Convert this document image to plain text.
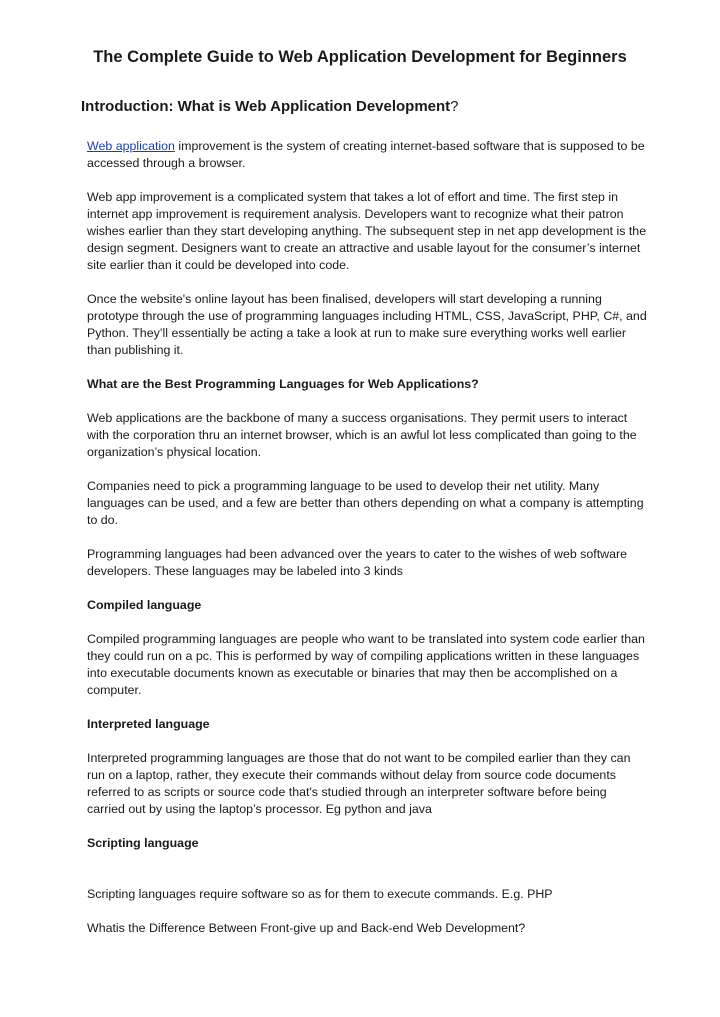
The Complete Guide to Web Application Development for Beginners
Introduction: What is Web Application Development?

Web application improvement is the system of creating internet-based software that is supposed to be accessed through a browser.

Web app improvement is a complicated system that takes a lot of effort and time. The first step in internet app improvement is requirement analysis. Developers want to recognize what their patron wishes earlier than they start developing anything. The subsequent step in net app development is the design segment. Designers want to create an attractive and usable layout for the consumer’s internet site earlier than it could be developed into code.

Once the website's online layout has been finalised, developers will start developing a running prototype through the use of programming languages including HTML, CSS, JavaScript, PHP, C#, and Python. They’ll essentially be acting a take a look at run to make sure everything works well earlier than publishing it.

What are the Best Programming Languages for Web Applications?

Web applications are the backbone of many a success organisations. They permit users to interact with the corporation thru an internet browser, which is an awful lot less complicated than going to the organization’s physical location.

Companies need to pick a programming language to be used to develop their net utility. Many languages can be used, and a few are better than others depending on what a company is attempting to do.

Programming languages had been advanced over the years to cater to the wishes of web software developers. These languages may be labeled into 3 kinds

Compiled language

Compiled programming languages are people who want to be translated into system code earlier than they could run on a pc. This is performed by way of compiling applications written in these languages into executable documents known as executable or binaries that may then be accomplished on a computer.

Interpreted language

Interpreted programming languages are those that do not want to be compiled earlier than they can run on a laptop, rather, they execute their commands without delay from source code documents referred to as scripts or source code that's studied through an interpreter software before being carried out by using the laptop’s processor. Eg python and java

Scripting language

Scripting languages require software so as for them to execute commands. E.g. PHP

Whatis the Difference Between Front-give up and Back-end Web Development?
